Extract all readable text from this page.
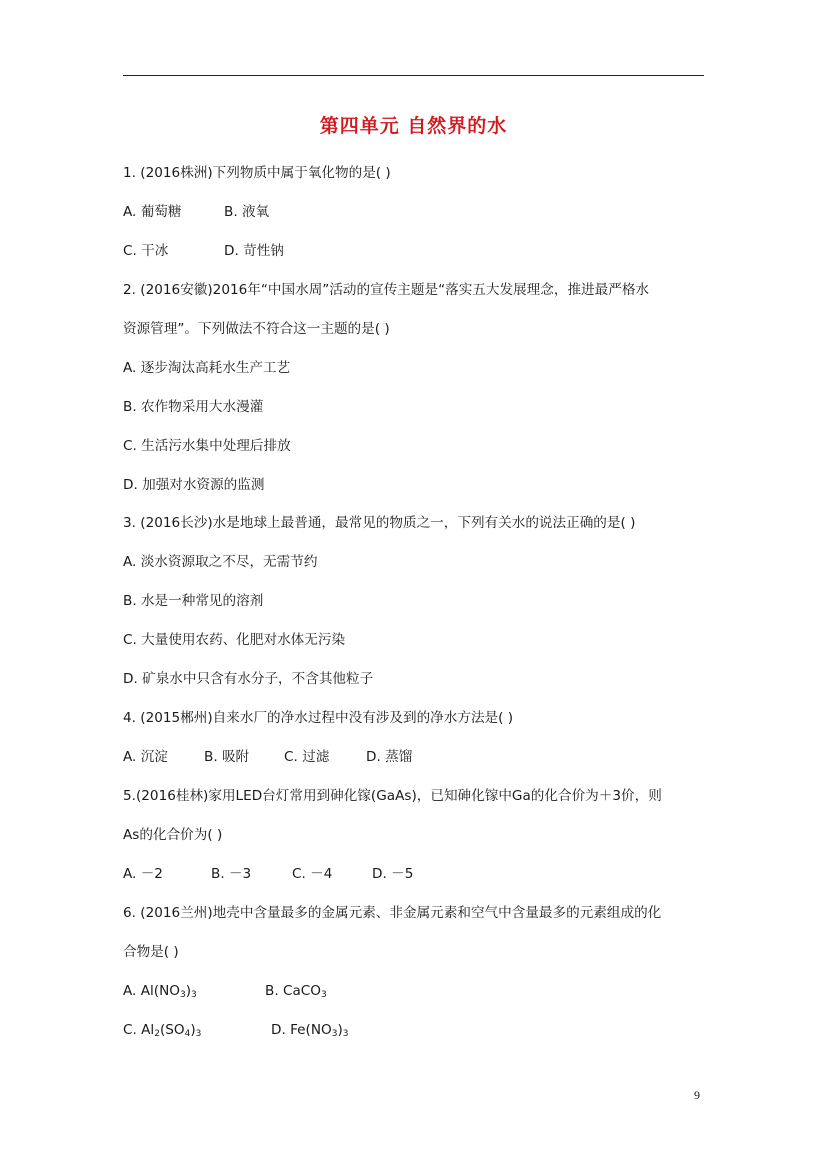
第四单元 自然界的水
1. (2016株洲)下列物质中属于氧化物的是( )
A. 葡萄糖	B. 液氧
C. 干冰	D. 苛性钠
2. (2016安徽)2016年“中国水周”活动的宣传主题是“落实五大发展理念，推进最严格水
资源管理”。下列做法不符合这一主题的是( )
A. 逐步淘汰高耗水生产工艺
B. 农作物采用大水漫灌
C. 生活污水集中处理后排放
D. 加强对水资源的监测
3. (2016长沙)水是地球上最普通，最常见的物质之一，下列有关水的说法正确的是( )
A. 淡水资源取之不尽，无需节约
B. 水是一种常见的溶剂
C. 大量使用农药、化肥对水体无污染
D. 矿泉水中只含有水分子，不含其他粒子
4. (2015郴州)自来水厂的净水过程中没有涉及到的净水方法是( )
A. 沉淀	B. 吸附	C. 过滤	D. 蒸馏
5.(2016桂林)家用LED台灯常用到砷化镓(GaAs)，已知砷化镓中Ga的化合价为＋3价，则
As的化合价为( )
A. －2	B. －3	C. －4	D. －5
6. (2016兰州)地壳中含量最多的金属元素、非金属元素和空气中含量最多的元素组成的化
合物是( )
A. $Al(NO_3)_3$	B. CaCO$_3$
C. $Al_2(SO_4)_3$	D. $Fe(NO_3)_3$
9
